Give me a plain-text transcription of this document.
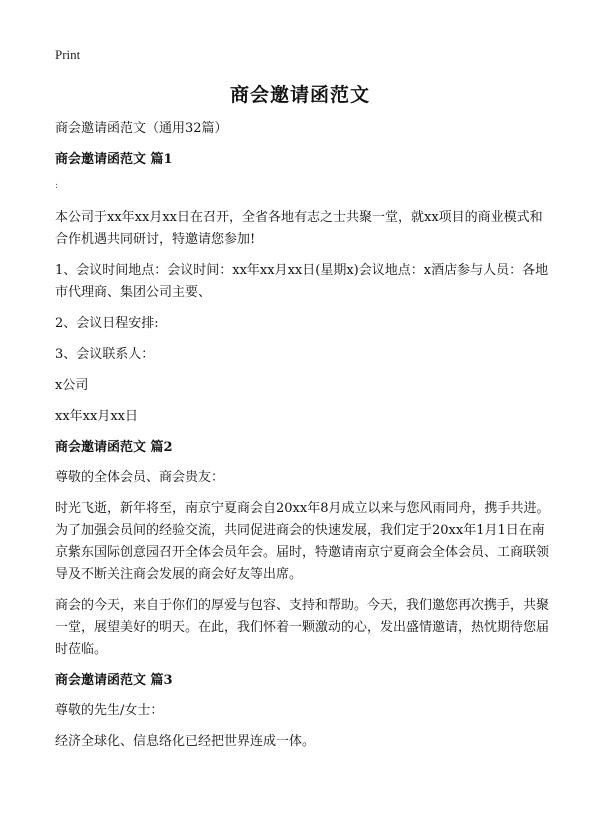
Print
商会邀请函范文

商会邀请函范文（通用32篇）

商会邀请函范文 篇1

:

本公司于xx年xx月xx日在召开，全省各地有志之士共聚一堂，就xx项目的商业模式和合作机遇共同研讨，特邀请您参加!

1、会议时间地点：会议时间：xx年xx月xx日(星期x)会议地点：x酒店参与人员：各地市代理商、集团公司主要、

2、会议日程安排:

3、会议联系人：

x公司

xx年xx月xx日

商会邀请函范文 篇2

尊敬的全体会员、商会贵友：

时光飞逝，新年将至，南京宁夏商会自20xx年8月成立以来与您风雨同舟，携手共进。为了加强会员间的经验交流，共同促进商会的快速发展，我们定于20xx年1月1日在南京紫东国际创意园召开全体会员年会。届时，特邀请南京宁夏商会全体会员、工商联领导及不断关注商会发展的商会好友等出席。

商会的今天，来自于你们的厚爱与包容、支持和帮助。今天，我们邀您再次携手，共聚一堂，展望美好的明天。在此，我们怀着一颗激动的心，发出盛情邀请，热忱期待您届时莅临。

商会邀请函范文 篇3

尊敬的先生/女士：

经济全球化、信息络化已经把世界连成一体。
